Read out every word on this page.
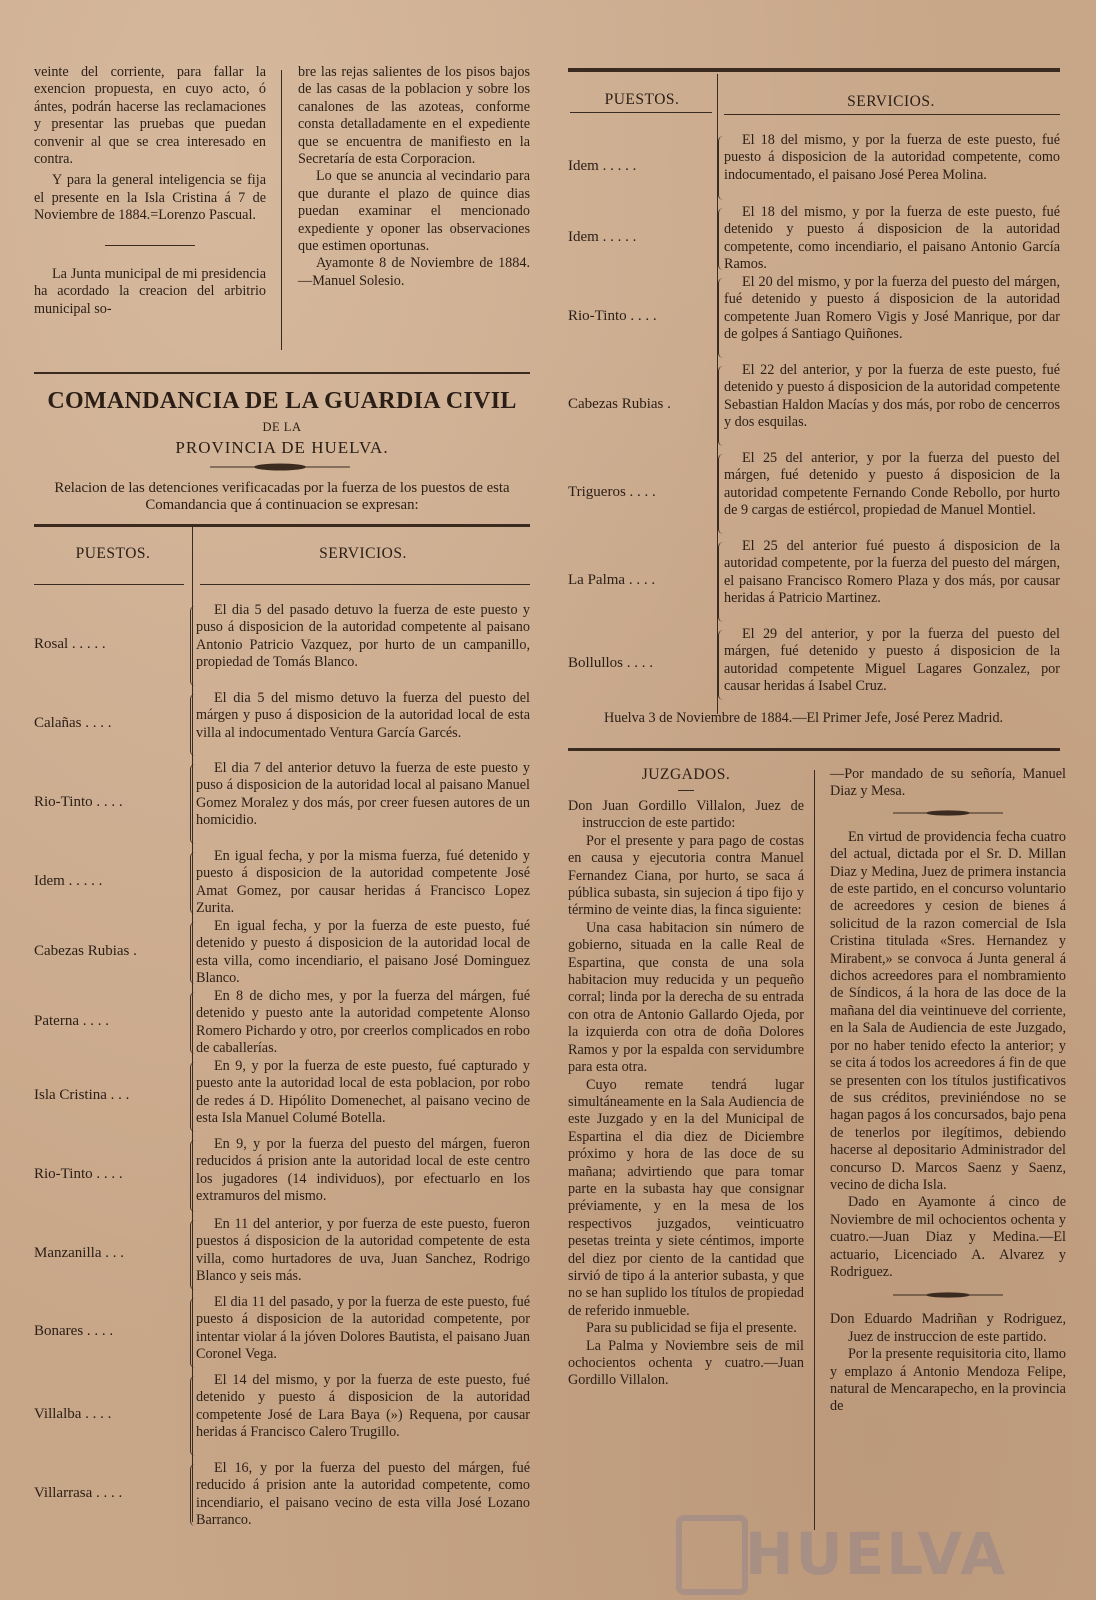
veinte del corriente, para fallar la exencion propuesta, en cuyo acto, ó ántes, podrán hacerse las reclamaciones y presentar las pruebas que puedan convenir al que se crea interesado en contra.

Y para la general inteligencia se fija el presente en la Isla Cristina á 7 de Noviembre de 1884.=Lorenzo Pascual.

La Junta municipal de mi presidencia ha acordado la creacion del arbitrio municipal so-

bre las rejas salientes de los pisos bajos de las casas de la poblacion y sobre los canalones de las azoteas, conforme consta detalladamente en el expediente que se encuentra de manifiesto en la Secretaría de esta Corporacion.

Lo que se anuncia al vecindario para que durante el plazo de quince dias puedan examinar el mencionado expediente y oponer las observaciones que estimen oportunas.

Ayamonte 8 de Noviembre de 1884.—Manuel Solesio.

COMANDANCIA DE LA GUARDIA CIVIL
DE LA
PROVINCIA DE HUELVA.

Relacion de las detenciones verificacadas por la fuerza de los puestos de esta Comandancia que á continuacion se expresan:

PUESTOS.	SERVICIOS.
Rosal . . . . .
El dia 5 del pasado detuvo la fuerza de este puesto y puso á disposicion de la autoridad competente al paisano Antonio Patricio Vazquez, por hurto de un campanillo, propiedad de Tomás Blanco.
Calañas . . . .
El dia 5 del mismo detuvo la fuerza del puesto del márgen y puso á disposicion de la autoridad local de esta villa al indocumentado Ventura García Garcés.
Rio-Tinto . . . .
El dia 7 del anterior detuvo la fuerza de este puesto y puso á disposicion de la autoridad local al paisano Manuel Gomez Moralez y dos más, por creer fuesen autores de un homicidio.
Idem . . . . .
En igual fecha, y por la misma fuerza, fué detenido y puesto á disposicion de la autoridad competente José Amat Gomez, por causar heridas á Francisco Lopez Zurita.
Cabezas Rubias .
En igual fecha, y por la fuerza de este puesto, fué detenido y puesto á disposicion de la autoridad local de esta villa, como incendiario, el paisano José Dominguez Blanco.
Paterna . . . .
En 8 de dicho mes, y por la fuerza del márgen, fué detenido y puesto ante la autoridad competente Alonso Romero Pichardo y otro, por creerlos complicados en robo de caballerías.
Isla Cristina . . .
En 9, y por la fuerza de este puesto, fué capturado y puesto ante la autoridad local de esta poblacion, por robo de redes á D. Hipólito Domenechet, al paisano vecino de esta Isla Manuel Columé Botella.
Rio-Tinto . . . .
En 9, y por la fuerza del puesto del márgen, fueron reducidos á prision ante la autoridad local de este centro los jugadores (14 individuos), por efectuarlo en los extramuros del mismo.
Manzanilla . . .
En 11 del anterior, y por fuerza de este puesto, fueron puestos á disposicion de la autoridad competente de esta villa, como hurtadores de uva, Juan Sanchez, Rodrigo Blanco y seis más.
Bonares . . . .
El dia 11 del pasado, y por la fuerza de este puesto, fué puesto á disposicion de la autoridad competente, por intentar violar á la jóven Dolores Bautista, el paisano Juan Coronel Vega.
Villalba . . . .
El 14 del mismo, y por la fuerza de este puesto, fué detenido y puesto á disposicion de la autoridad competente José de Lara Baya (») Requena, por causar heridas á Francisco Calero Trugillo.
Villarrasa . . . .
El 16, y por la fuerza del puesto del márgen, fué reducido á prision ante la autoridad competente, como incendiario, el paisano vecino de esta villa José Lozano Barranco.
PUESTOS.	SERVICIOS.
Idem . . . . .
El 18 del mismo, y por la fuerza de este puesto, fué puesto á disposicion de la autoridad competente, como indocumentado, el paisano José Perea Molina.
Idem . . . . .
El 18 del mismo, y por la fuerza de este puesto, fué detenido y puesto á disposicion de la autoridad competente, como incendiario, el paisano Antonio García Ramos.
Rio-Tinto . . . .
El 20 del mismo, y por la fuerza del puesto del márgen, fué detenido y puesto á disposicion de la autoridad competente Juan Romero Vigis y José Manrique, por dar de golpes á Santiago Quiñones.
Cabezas Rubias .
El 22 del anterior, y por la fuerza de este puesto, fué detenido y puesto á disposicion de la autoridad competente Sebastian Haldon Macías y dos más, por robo de cencerros y dos esquilas.
Trigueros . . . .
El 25 del anterior, y por la fuerza del puesto del márgen, fué detenido y puesto á disposicion de la autoridad competente Fernando Conde Rebollo, por hurto de 9 cargas de estiércol, propiedad de Manuel Montiel.
La Palma . . . .
El 25 del anterior fué puesto á disposicion de la autoridad competente, por la fuerza del puesto del márgen, el paisano Francisco Romero Plaza y dos más, por causar heridas á Patricio Martinez.
Bollullos . . . .
El 29 del anterior, y por la fuerza del puesto del márgen, fué detenido y puesto á disposicion de la autoridad competente Miguel Lagares Gonzalez, por causar heridas á Isabel Cruz.

Huelva 3 de Noviembre de 1884.—El Primer Jefe, José Perez Madrid.

JUZGADOS.

Don Juan Gordillo Villalon, Juez de instruccion de este partido:

Por el presente y para pago de costas en causa y ejecutoria contra Manuel Fernandez Ciana, por hurto, se saca á pública subasta, sin sujecion á tipo fijo y término de veinte dias, la finca siguiente:

Una casa habitacion sin número de gobierno, situada en la calle Real de Espartina, que consta de una sola habitacion muy reducida y un pequeño corral; linda por la derecha de su entrada con otra de Antonio Gallardo Ojeda, por la izquierda con otra de doña Dolores Ramos y por la espalda con servidumbre para esta otra.

Cuyo remate tendrá lugar simultáneamente en la Sala Audiencia de este Juzgado y en la del Municipal de Espartina el dia diez de Diciembre próximo y hora de las doce de su mañana; advirtiendo que para tomar parte en la subasta hay que consignar préviamente, y en la mesa de los respectivos juzgados, veinticuatro pesetas treinta y siete céntimos, importe del diez por ciento de la cantidad que sirvió de tipo á la anterior subasta, y que no se han suplido los títulos de propiedad de referido inmueble.

Para su publicidad se fija el presente.

La Palma y Noviembre seis de mil ochocientos ochenta y cuatro.—Juan Gordillo Villalon.

—Por mandado de su señoría, Manuel Diaz y Mesa.

En virtud de providencia fecha cuatro del actual, dictada por el Sr. D. Millan Diaz y Medina, Juez de primera instancia de este partido, en el concurso voluntario de acreedores y cesion de bienes á solicitud de la razon comercial de Isla Cristina titulada «Sres. Hernandez y Mirabent,» se convoca á Junta general á dichos acreedores para el nombramiento de Síndicos, á la hora de las doce de la mañana del dia veintinueve del corriente, en la Sala de Audiencia de este Juzgado, por no haber tenido efecto la anterior; y se cita á todos los acreedores á fin de que se presenten con los títulos justificativos de sus créditos, previniéndose no se hagan pagos á los concursados, bajo pena de tenerlos por ilegítimos, debiendo hacerse al depositario Administrador del concurso D. Marcos Saenz y Saenz, vecino de dicha Isla.

Dado en Ayamonte á cinco de Noviembre de mil ochocientos ochenta y cuatro.—Juan Diaz y Medina.—El actuario, Licenciado A. Alvarez y Rodriguez.

Don Eduardo Madriñan y Rodriguez, Juez de instruccion de este partido.

Por la presente requisitoria cito, llamo y emplazo á Antonio Mendoza Felipe, natural de Mencarapecho, en la provincia de

HUELVA
